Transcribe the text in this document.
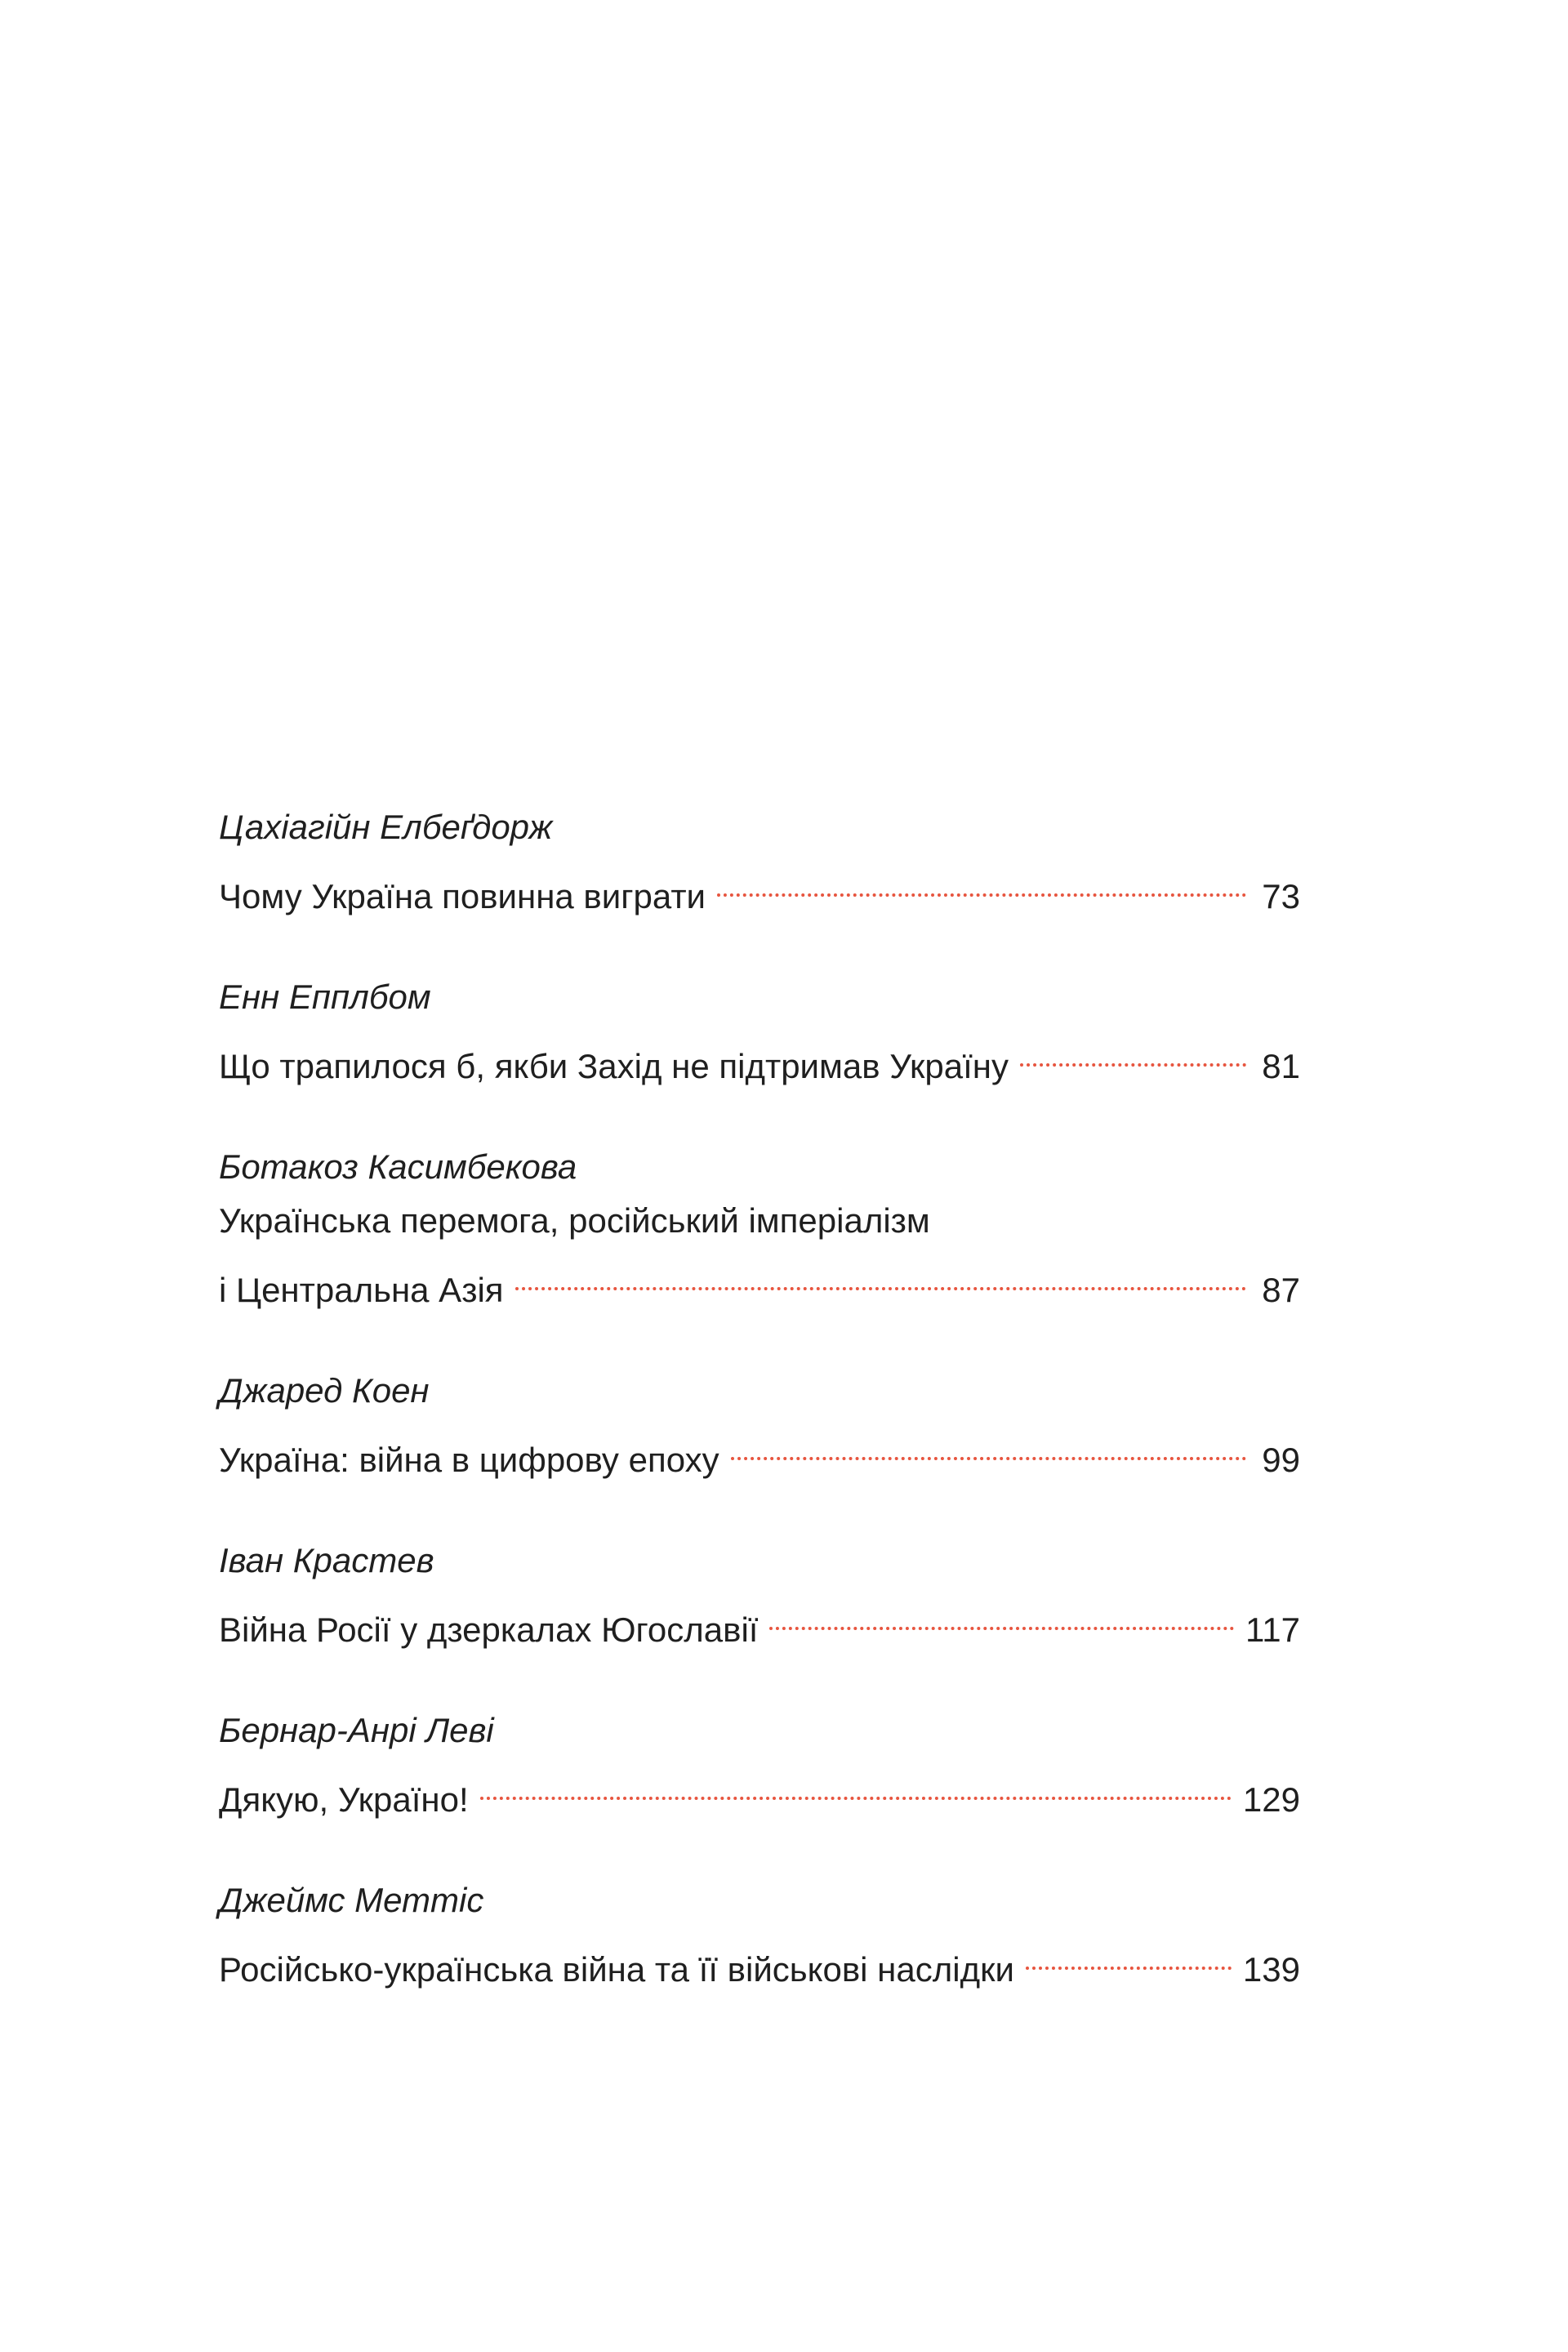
Цахіагійн Елбеґдорж
Чому Україна повинна виграти	73
Енн Епплбом
Що трапилося б, якби Захід не підтримав Україну	81
Ботакоз Касимбекова
Українська перемога, російський імперіалізм
і Центральна Азія	87
Джаред Коен
Україна: війна в цифрову епоху	99
Іван Крастев
Війна Росії у дзеркалах Югославії	117
Бернар-Анрі Леві
Дякую, Україно!	129
Джеймс Меттіс
Російсько-українська війна та її військові наслідки	139
